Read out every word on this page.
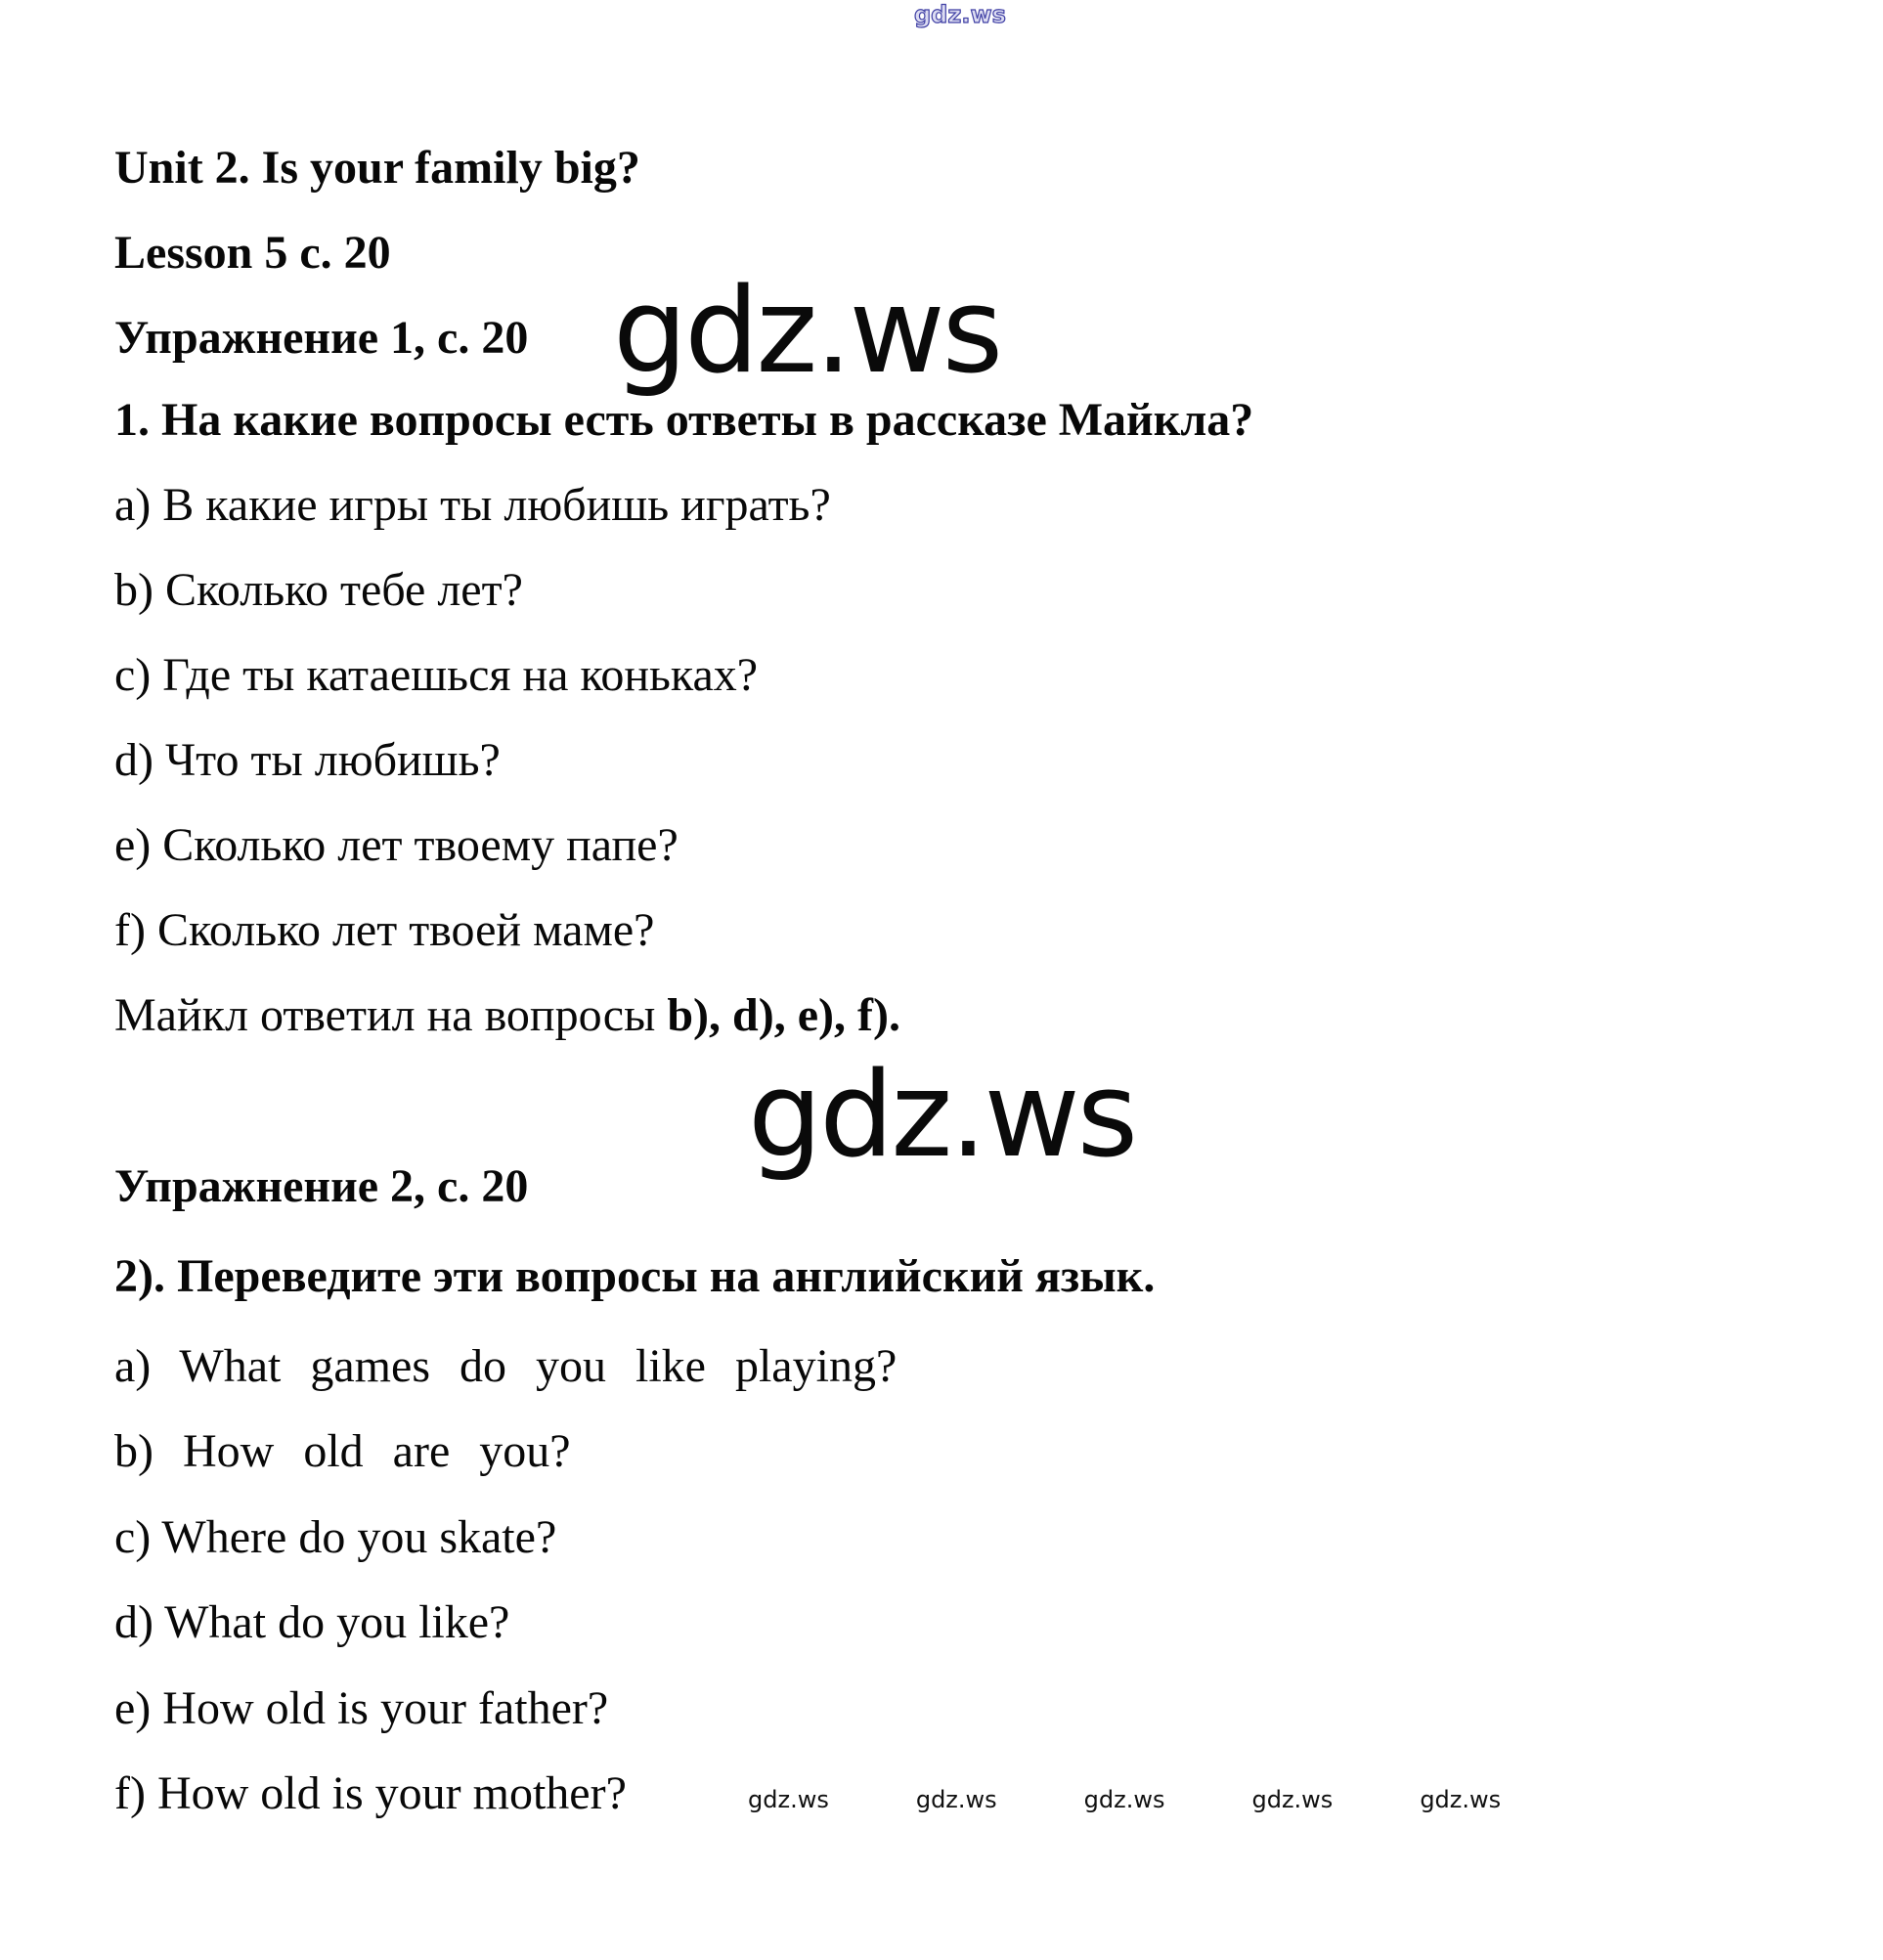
gdz.ws
Unit 2. Is your family big?
Lesson 5 с. 20
Упражнение 1, с. 20 gdz.ws
1. На какие вопросы есть ответы в рассказе Майкла?
a) В какие игры ты любишь играть?
b) Сколько тебе лет?
c) Где ты катаешься на коньках?
d) Что ты любишь?
e) Сколько лет твоему папе?
f) Сколько лет твоей маме?
Майкл ответил на вопросы b), d), e), f).
gdz.ws
Упражнение 2, с. 20
2). Переведите эти вопросы на английский язык.
a) What games do you like playing?
b) How old are you?
c) Where do you skate?
d) What do you like?
e) How old is your father?
f) How old is your mother?	gdz.ws	gdz.ws	gdz.ws	gdz.ws	gdz.ws
